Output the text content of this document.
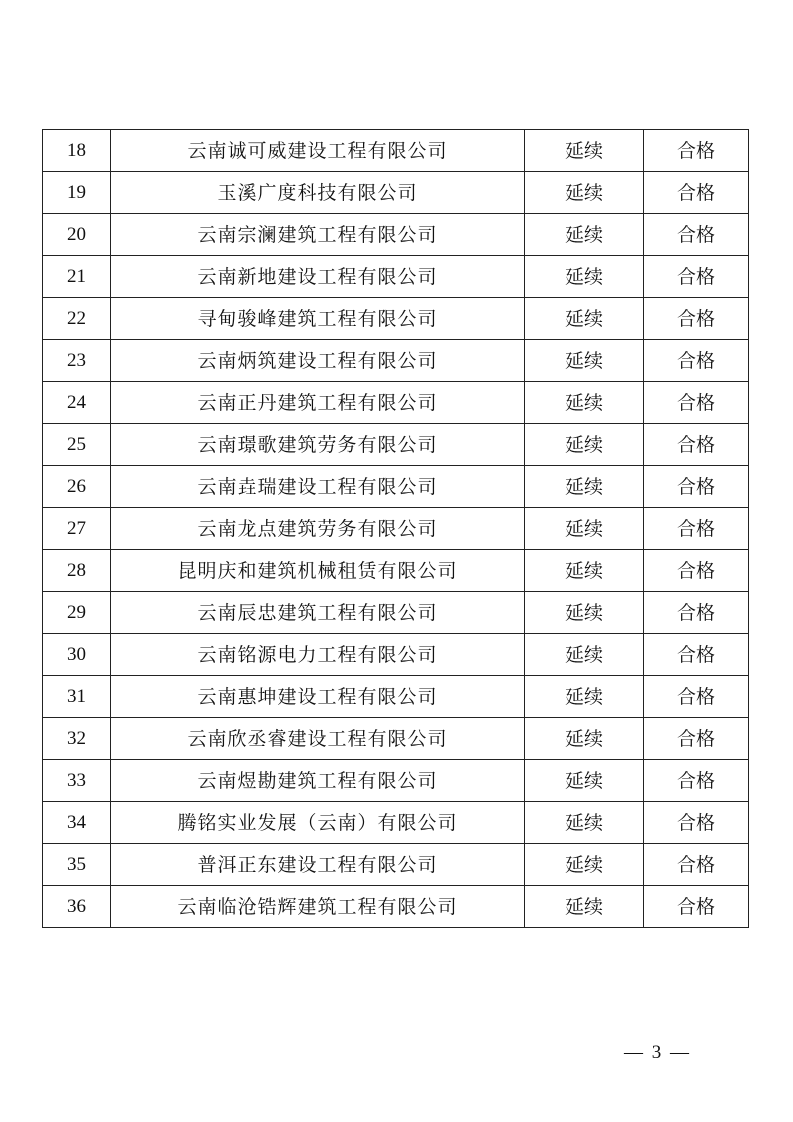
18	云南诚可威建设工程有限公司	延续	合格
19	玉溪广度科技有限公司	延续	合格
20	云南宗澜建筑工程有限公司	延续	合格
21	云南新地建设工程有限公司	延续	合格
22	寻甸骏峰建筑工程有限公司	延续	合格
23	云南炳筑建设工程有限公司	延续	合格
24	云南正丹建筑工程有限公司	延续	合格
25	云南璟歌建筑劳务有限公司	延续	合格
26	云南垚瑞建设工程有限公司	延续	合格
27	云南龙点建筑劳务有限公司	延续	合格
28	昆明庆和建筑机械租赁有限公司	延续	合格
29	云南辰忠建筑工程有限公司	延续	合格
30	云南铭源电力工程有限公司	延续	合格
31	云南惠坤建设工程有限公司	延续	合格
32	云南欣丞睿建设工程有限公司	延续	合格
33	云南煜勘建筑工程有限公司	延续	合格
34	腾铭实业发展（云南）有限公司	延续	合格
35	普洱正东建设工程有限公司	延续	合格
36	云南临沧锆辉建筑工程有限公司	延续	合格
— 3 —
